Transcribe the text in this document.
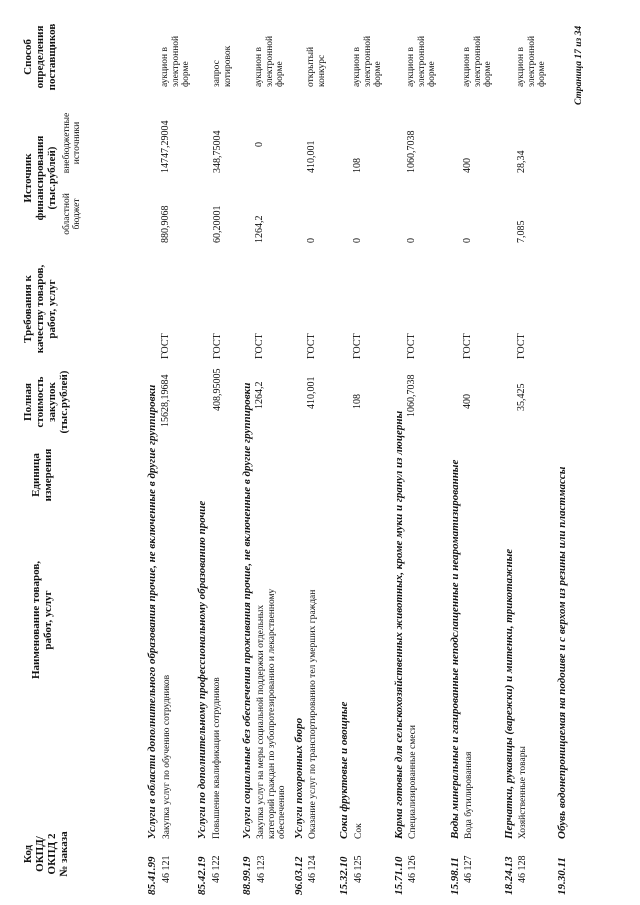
Код ОКПД/ ОКПД 2 № заказа
Наименование товаров, работ, услуг
Единица измерения
Полная стоимость закупок (тыс.рублей)
Требования к качеству товаров, работ, услуг
Источник финансирования (тыс.рублей)
областной бюджет
внебюджетные источники
Способ определения поставщиков
85.41.99
Услуги в области дополнительного образования прочие, не включенные в другие группировки
46 121
Закупка услуг по обучению сотрудников
15628,19684
ГОСТ
880,9068
14747,29004
аукцион в электронной форме
85.42.19
Услуги по дополнительному профессиональному образованию прочие
46 122
Повышение квалификации сотрудников
408,95005
ГОСТ
60,20001
348,75004
запрос котировок
88.99.19
Услуги социальные без обеспечения проживания прочие, не включенные в другие группировки
46 123
Закупка услуг на меры социальной поддержки отдельных категорий граждан по зубопротезированию и лекарственному обеспечению
1264,2
ГОСТ
1264,2
0
аукцион в электронной форме
96.03.12
Услуги похоронных бюро
46 124
Оказание услуг по транспортированию тел умерших граждан
410,001
ГОСТ
0
410,001
открытый конкурс
15.32.10
Соки фруктовые и овощные
46 125
Сок
108
ГОСТ
0
108
аукцион в электронной форме
15.71.10
Корма готовые для сельскохозяйственных животных, кроме муки и гранул из люцерны
46 126
Специализированные смеси
1060,7038
ГОСТ
0
1060,7038
аукцион в электронной форме
15.98.11
Воды минеральные и газированные неподслащенные и неароматизированные
46 127
Вода бутилированная
400
ГОСТ
0
400
аукцион в электронной форме
18.24.13
Перчатки, рукавицы (варежки) и митенки, трикотажные
46 128
Хозяйственные товары
35,425
ГОСТ
7,085
28,34
аукцион в электронной форме
19.30.11
Обувь водонепроницаемая на подошве и с верхом из резины или пластмассы
Страница 17 из 34
